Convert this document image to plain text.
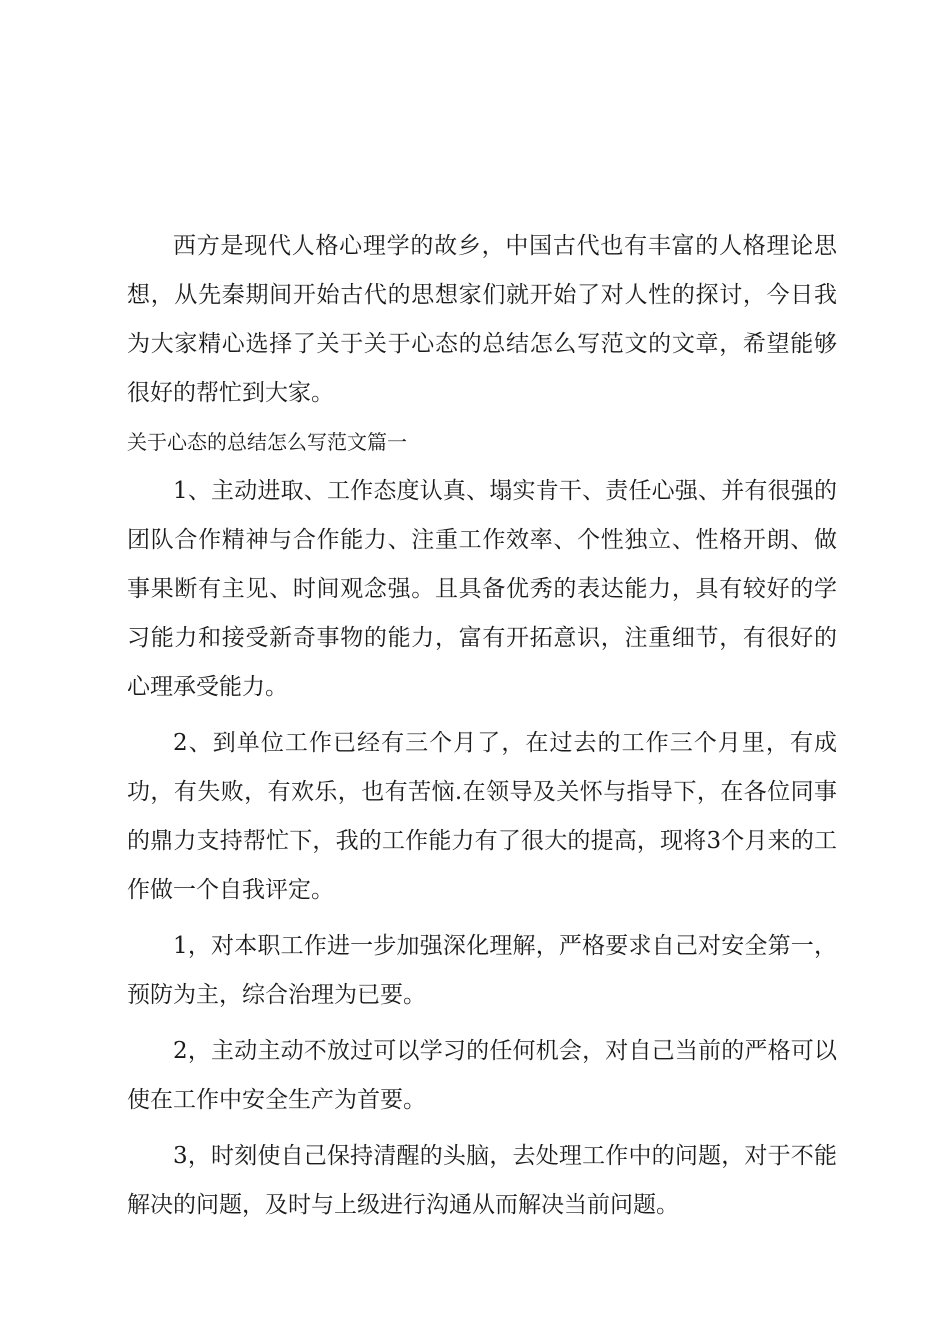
西方是现代人格心理学的故乡，中国古代也有丰富的人格理论思想，从先秦期间开始古代的思想家们就开始了对人性的探讨，今日我为大家精心选择了关于关于心态的总结怎么写范文的文章，希望能够很好的帮忙到大家。

关于心态的总结怎么写范文篇一

1、主动进取、工作态度认真、塌实肯干、责任心强、并有很强的团队合作精神与合作能力、注重工作效率、个性独立、性格开朗、做事果断有主见、时间观念强。且具备优秀的表达能力，具有较好的学习能力和接受新奇事物的能力，富有开拓意识，注重细节，有很好的心理承受能力。

2、到单位工作已经有三个月了，在过去的工作三个月里，有成功，有失败，有欢乐，也有苦恼.在领导及关怀与指导下，在各位同事的鼎力支持帮忙下，我的工作能力有了很大的提高，现将3个月来的工作做一个自我评定。

1，对本职工作进一步加强深化理解，严格要求自己对安全第一，预防为主，综合治理为已要。

2，主动主动不放过可以学习的任何机会，对自己当前的严格可以使在工作中安全生产为首要。

3，时刻使自己保持清醒的头脑，去处理工作中的问题，对于不能解决的问题，及时与上级进行沟通从而解决当前问题。
